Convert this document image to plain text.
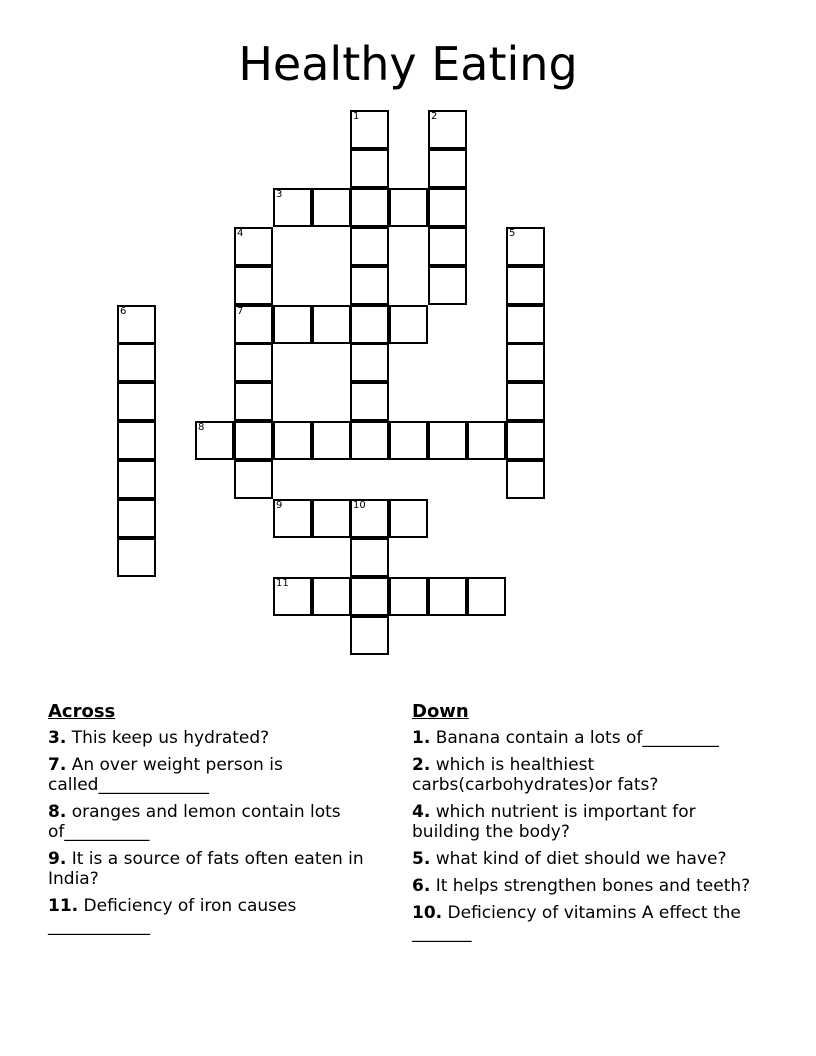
Healthy Eating
1	2
3
4	5
6	7
8
9	10
11
Across
3. This keep us hydrated?
7. An over weight person is called_____________
8. oranges and lemon contain lots of__________
9. It is a source of fats often eaten in India?
11. Deficiency of iron causes ____________
Down
1. Banana contain a lots of_________
2. which is healthiest carbs(carbohydrates)or fats?
4. which nutrient is important for building the body?
5. what kind of diet should we have?
6. It helps strengthen bones and teeth?
10. Deficiency of vitamins A effect the _______
